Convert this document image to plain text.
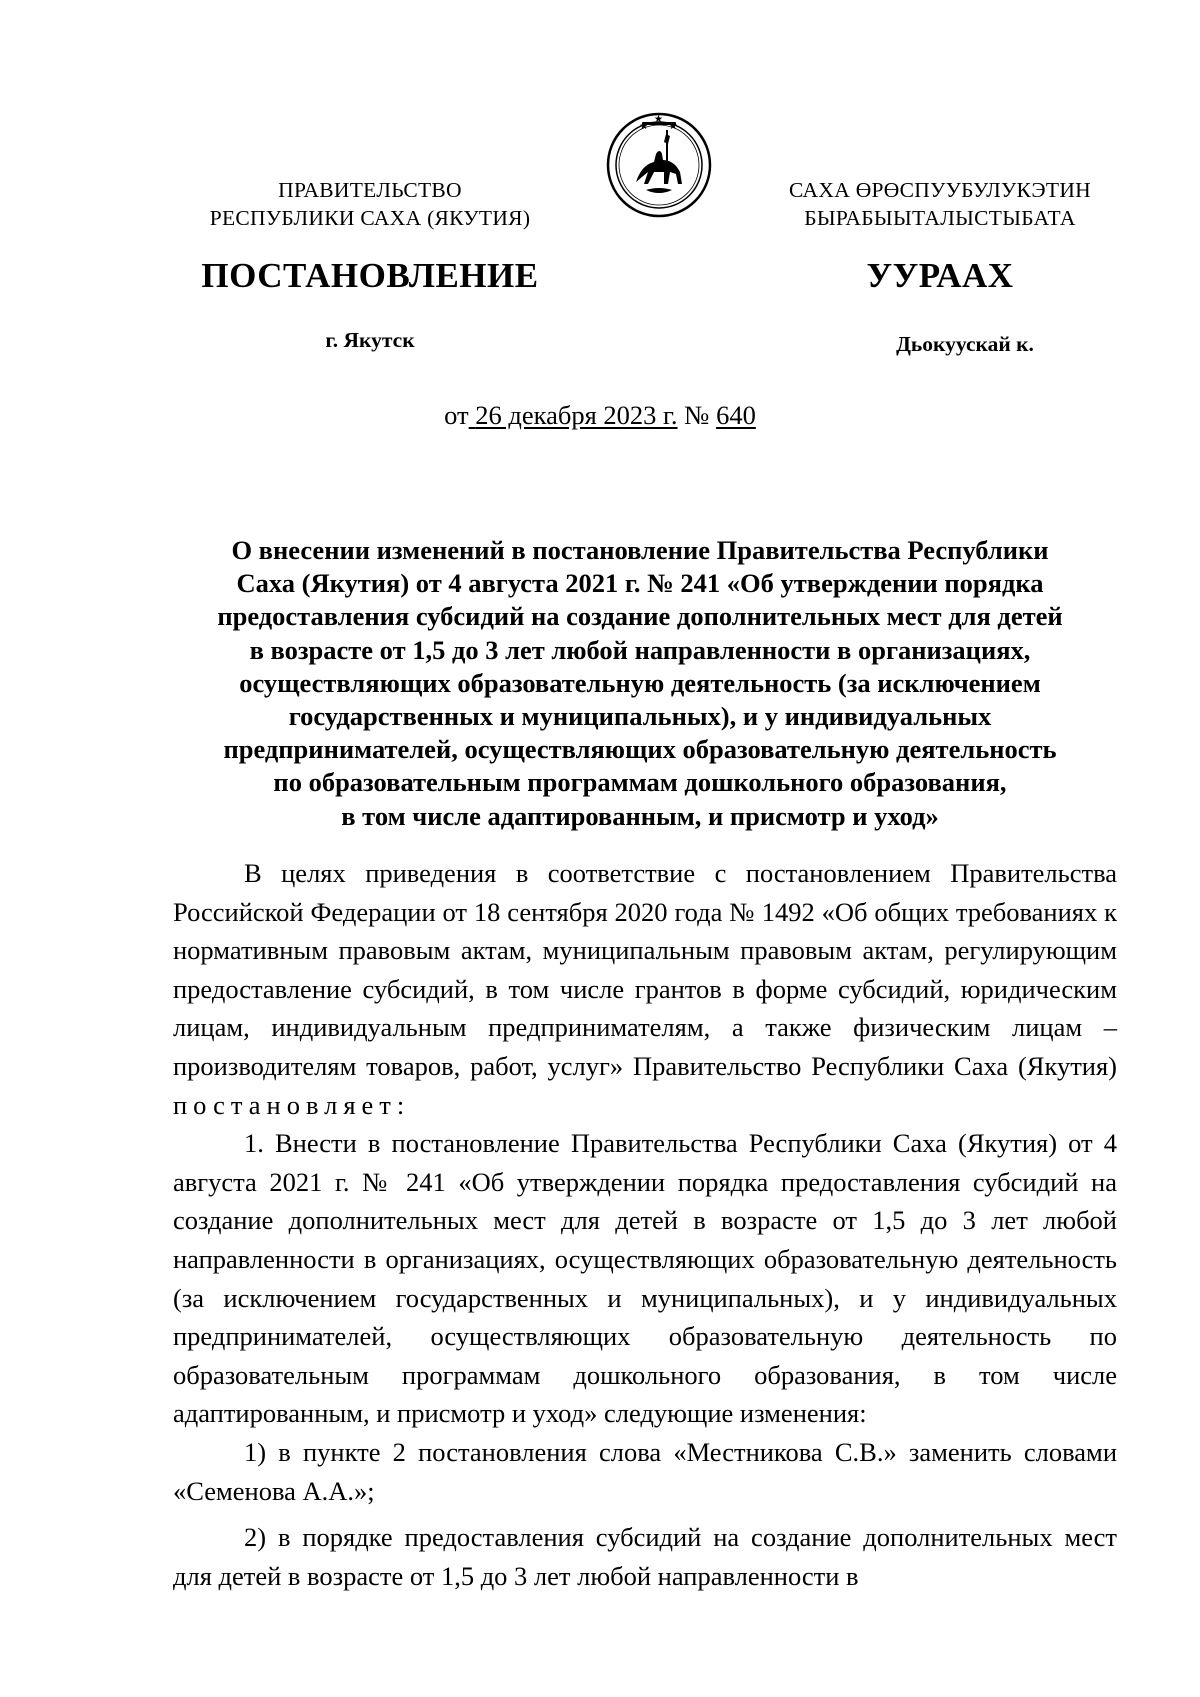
ПРАВИТЕЛЬСТВО
РЕСПУБЛИКИ САХА (ЯКУТИЯ)
САХА ӨРӨСПУУБУЛУКЭТИН
БЫРАБЫЫТАЛЫСТЫБАТА
ПОСТАНОВЛЕНИЕ	УУРААХ
г. Якутск	Дьокуускай к.
от 26 декабря 2023 г. № 640
О внесении изменений в постановление Правительства Республики
Саха (Якутия) от 4 августа 2021 г. № 241 «Об утверждении порядка
предоставления субсидий на создание дополнительных мест для детей
в возрасте от 1,5 до 3 лет любой направленности в организациях,
осуществляющих образовательную деятельность (за исключением
государственных и муниципальных), и у индивидуальных
предпринимателей, осуществляющих образовательную деятельность
по образовательным программам дошкольного образования,
в том числе адаптированным, и присмотр и уход»

В целях приведения в соответствие с постановлением Правительства Российской Федерации от 18 сентября 2020 года № 1492 «Об общих требованиях к нормативным правовым актам, муниципальным правовым актам, регулирующим предоставление субсидий, в том числе грантов в форме субсидий, юридическим лицам, индивидуальным предпринимателям, а также физическим лицам – производителям товаров, работ, услуг» Правительство Республики Саха (Якутия) постановляет:

1. Внести в постановление Правительства Республики Саха (Якутия) от 4 августа 2021 г. № 241 «Об утверждении порядка предоставления субсидий на создание дополнительных мест для детей в возрасте от 1,5 до 3 лет любой направленности в организациях, осуществляющих образовательную деятельность (за исключением государственных и муниципальных), и у индивидуальных предпринимателей, осуществляющих образовательную деятельность по образовательным программам дошкольного образования, в том числе адаптированным, и присмотр и уход» следующие изменения:

1) в пункте 2 постановления слова «Местникова С.В.» заменить словами «Семенова А.А.»;

2) в порядке предоставления субсидий на создание дополнительных мест для детей в возрасте от 1,5 до 3 лет любой направленности в
